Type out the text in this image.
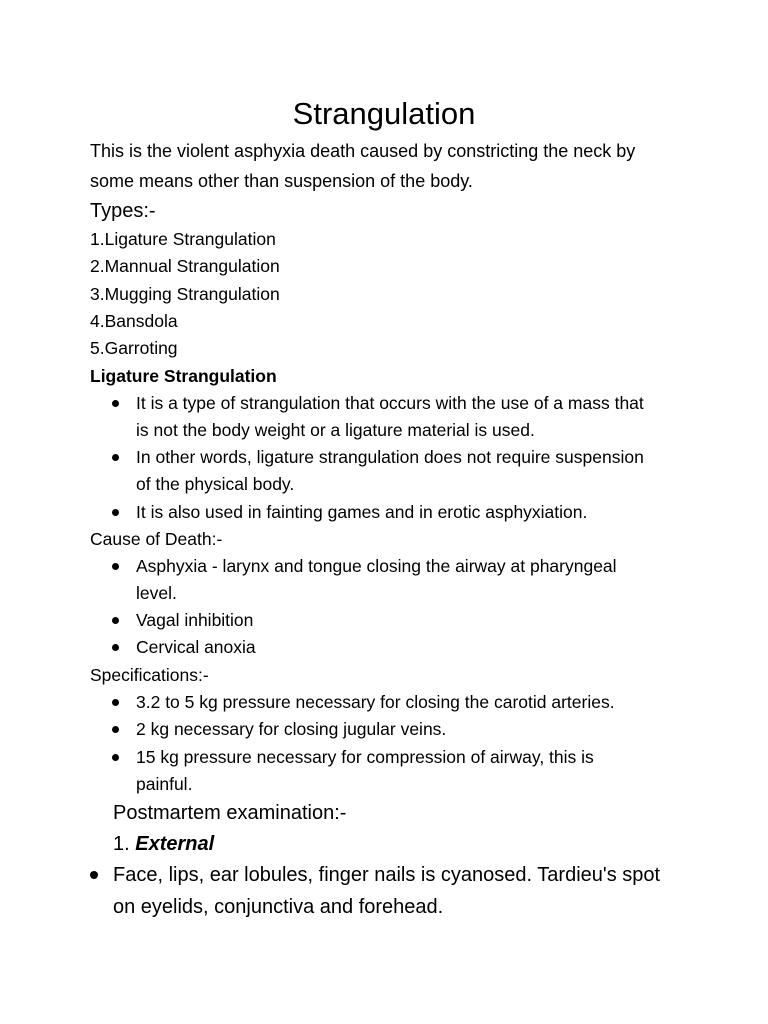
Strangulation
This is the violent asphyxia death caused by constricting the neck by
some means other than suspension of the body.
Types:-
1.Ligature Strangulation
2.Mannual Strangulation
3.Mugging Strangulation
4.Bansdola
5.Garroting
Ligature Strangulation
It is a type of strangulation that occurs with the use of a mass that
is not the body weight or a ligature material is used.
In other words, ligature strangulation does not require suspension
of the physical body.
It is also used in fainting games and in erotic asphyxiation.
Cause of Death:-
Asphyxia - larynx and tongue closing the airway at pharyngeal
level.
Vagal inhibition
Cervical anoxia
Specifications:-
3.2 to 5 kg pressure necessary for closing the carotid arteries.
2 kg necessary for closing jugular veins.
15 kg pressure necessary for compression of airway, this is
painful.
Postmartem examination:-
1. External
Face, lips, ear lobules, finger nails is cyanosed. Tardieu's spot
on eyelids, conjunctiva and forehead.
